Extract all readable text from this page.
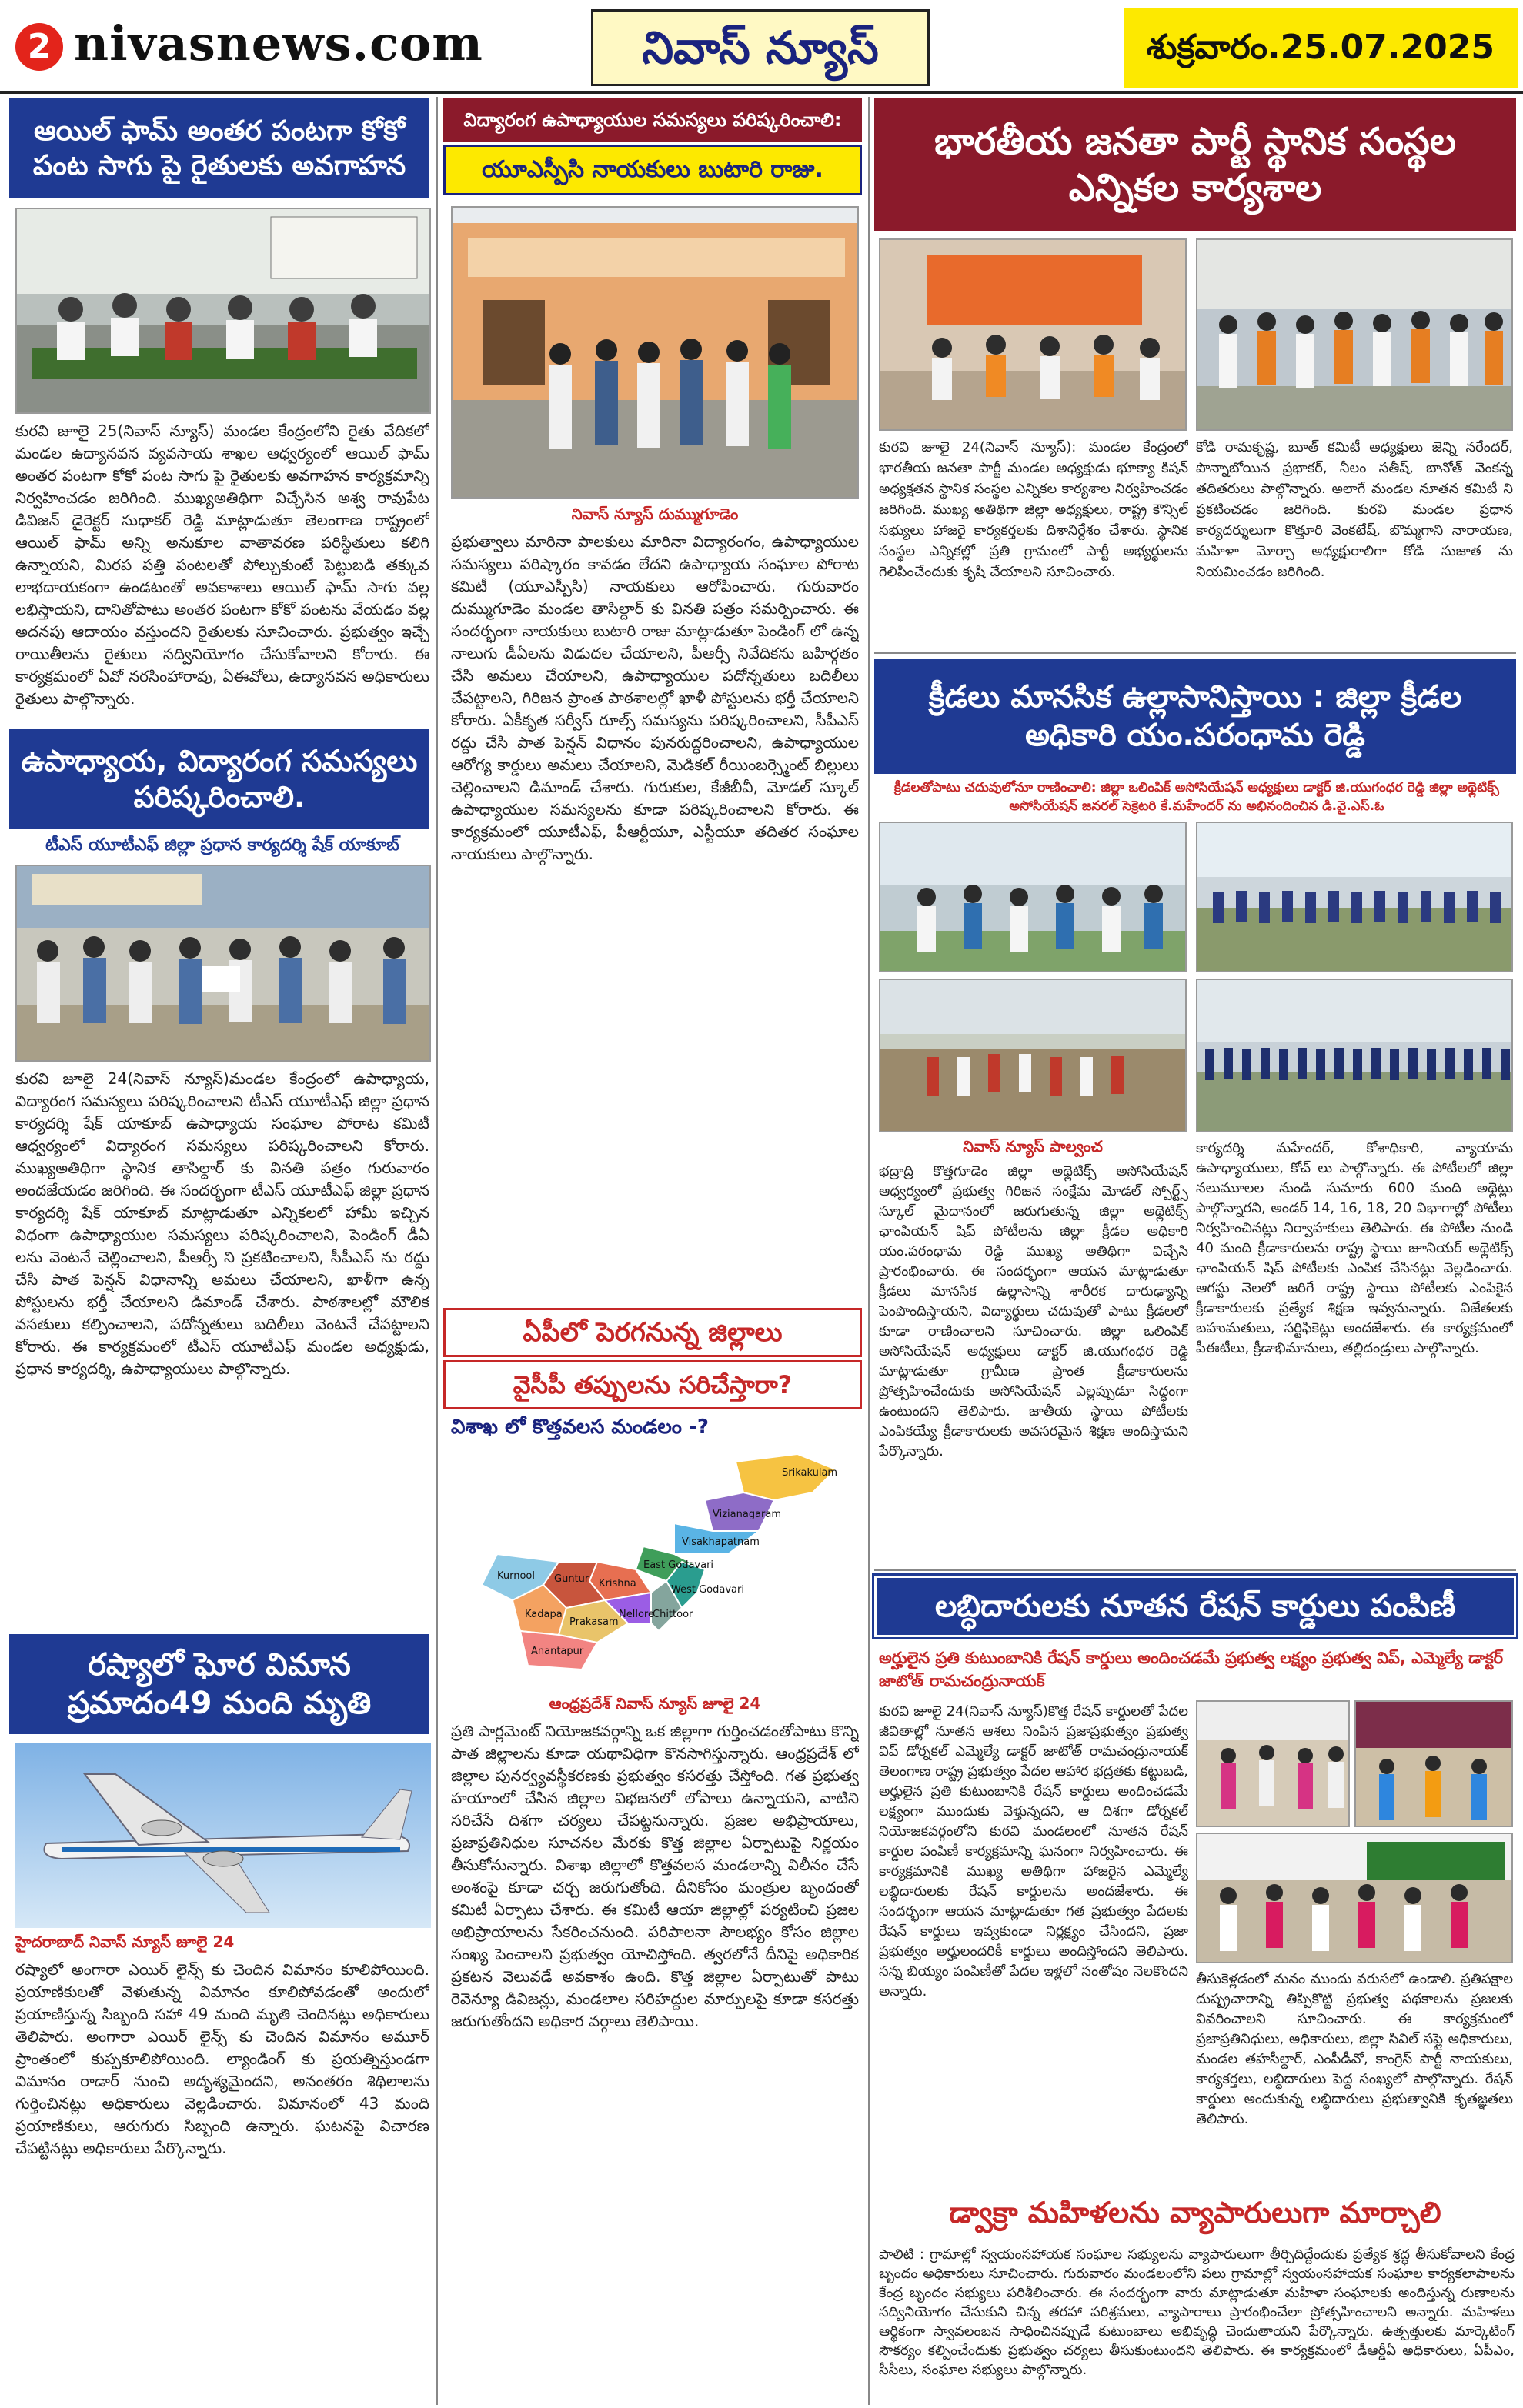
2 nivasnews.com	నివాస్ న్యూస్	శుక్రవారం.25.07.2025
ఆయిల్ ఫామ్ అంతర పంటగా కోకో పంట సాగు పై రైతులకు అవగాహన
కురవి జూలై 25(నివాస్ న్యూస్) మండల కేంద్రంలోని రైతు వేదికలో మండల ఉద్యానవన వ్యవసాయ శాఖల ఆధ్వర్యంలో ఆయిల్ ఫామ్ అంతర పంటగా కోకో పంట సాగు పై రైతులకు అవగాహన కార్యక్రమాన్ని నిర్వహించడం జరిగింది. ముఖ్యఅతిథిగా విచ్చేసిన అశ్వ రావుపేట డివిజన్ డైరెక్టర్ సుధాకర్ రెడ్డి మాట్లాడుతూ తెలంగాణ రాష్ట్రంలో ఆయిల్ ఫామ్ అన్ని అనుకూల వాతావరణ పరిస్థితులు కలిగి ఉన్నాయని, మిరప పత్తి పంటలతో పోల్చుకుంటే పెట్టుబడి తక్కువ లాభదాయకంగా ఉండటంతో అవకాశాలు ఆయిల్ ఫామ్ సాగు వల్ల లభిస్తాయని, దానితోపాటు అంతర పంటగా కోకో పంటను వేయడం వల్ల అదనపు ఆదాయం వస్తుందని రైతులకు సూచించారు. ప్రభుత్వం ఇచ్చే రాయితీలను రైతులు సద్వినియోగం చేసుకోవాలని కోరారు. ఈ కార్యక్రమంలో ఏవో నరసింహారావు, ఏఈవోలు, ఉద్యానవన అధికారులు రైతులు పాల్గొన్నారు.
ఉపాధ్యాయ, విద్యారంగ సమస్యలు పరిష్కరించాలి.
టీఎస్ యూటీఎఫ్ జిల్లా ప్రధాన కార్యదర్శి షేక్ యాకూబ్
కురవి జూలై 24(నివాస్ న్యూస్)మండల కేంద్రంలో ఉపాధ్యాయ, విద్యారంగ సమస్యలు పరిష్కరించాలని టీఎస్ యూటీఎఫ్ జిల్లా ప్రధాన కార్యదర్శి షేక్ యాకూబ్ ఉపాధ్యాయ సంఘాల పోరాట కమిటీ ఆధ్వర్యంలో విద్యారంగ సమస్యలు పరిష్కరించాలని కోరారు. ముఖ్యఅతిథిగా స్థానిక తాసిల్దార్ కు వినతి పత్రం గురువారం అందజేయడం జరిగింది. ఈ సందర్భంగా టీఎస్ యూటీఎఫ్ జిల్లా ప్రధాన కార్యదర్శి షేక్ యాకూబ్ మాట్లాడుతూ ఎన్నికలలో హామీ ఇచ్చిన విధంగా ఉపాధ్యాయుల సమస్యలు పరిష్కరించాలని, పెండింగ్ డీఏ లను వెంటనే చెల్లించాలని, పీఆర్సీ ని ప్రకటించాలని, సీపీఎస్ ను రద్దు చేసి పాత పెన్షన్ విధానాన్ని అమలు చేయాలని, ఖాళీగా ఉన్న పోస్టులను భర్తీ చేయాలని డిమాండ్ చేశారు. పాఠశాలల్లో మౌలిక వసతులు కల్పించాలని, పదోన్నతులు బదిలీలు వెంటనే చేపట్టాలని కోరారు. ఈ కార్యక్రమంలో టీఎస్ యూటీఎఫ్ మండల అధ్యక్షుడు, ప్రధాన కార్యదర్శి, ఉపాధ్యాయులు పాల్గొన్నారు.
రష్యాలో ఘోర విమాన ప్రమాదం49 మంది మృతి
హైదరాబాద్ నివాస్ న్యూస్ జూలై 24
రష్యాలో అంగారా ఎయిర్ లైన్స్ కు చెందిన విమానం కూలిపోయింది. ప్రయాణికులతో వెళుతున్న విమానం కూలిపోవడంతో అందులో ప్రయాణిస్తున్న సిబ్బంది సహా 49 మంది మృతి చెందినట్లు అధికారులు తెలిపారు. అంగారా ఎయిర్ లైన్స్ కు చెందిన విమానం అమూర్ ప్రాంతంలో కుప్పకూలిపోయింది. ల్యాండింగ్ కు ప్రయత్నిస్తుండగా విమానం రాడార్ నుంచి అదృశ్యమైందని, అనంతరం శిథిలాలను గుర్తించినట్లు అధికారులు వెల్లడించారు. విమానంలో 43 మంది ప్రయాణికులు, ఆరుగురు సిబ్బంది ఉన్నారు. ఘటనపై విచారణ చేపట్టినట్లు అధికారులు పేర్కొన్నారు.
విద్యారంగ ఉపాధ్యాయుల సమస్యలు పరిష్కరించాలి:
యూఎస్పీసి నాయకులు బుటారి రాజు.
నివాస్ న్యూస్ దుమ్ముగూడెం
ప్రభుత్వాలు మారినా పాలకులు మారినా విద్యారంగం, ఉపాధ్యాయుల సమస్యలు పరిష్కారం కావడం లేదని ఉపాధ్యాయ సంఘాల పోరాట కమిటీ (యూఎస్పీసి) నాయకులు ఆరోపించారు. గురువారం దుమ్ముగూడెం మండల తాసిల్దార్ కు వినతి పత్రం సమర్పించారు. ఈ సందర్భంగా నాయకులు బుటారి రాజు మాట్లాడుతూ పెండింగ్ లో ఉన్న నాలుగు డీఏలను విడుదల చేయాలని, పీఆర్సీ నివేదికను బహిర్గతం చేసి అమలు చేయాలని, ఉపాధ్యాయుల పదోన్నతులు బదిలీలు చేపట్టాలని, గిరిజన ప్రాంత పాఠశాలల్లో ఖాళీ పోస్టులను భర్తీ చేయాలని కోరారు. ఏకీకృత సర్వీస్ రూల్స్ సమస్యను పరిష్కరించాలని, సీపీఎస్ రద్దు చేసి పాత పెన్షన్ విధానం పునరుద్ధరించాలని, ఉపాధ్యాయుల ఆరోగ్య కార్డులు అమలు చేయాలని, మెడికల్ రీయింబర్స్మెంట్ బిల్లులు చెల్లించాలని డిమాండ్ చేశారు. గురుకుల, కేజీబీవీ, మోడల్ స్కూల్ ఉపాధ్యాయుల సమస్యలను కూడా పరిష్కరించాలని కోరారు. ఈ కార్యక్రమంలో యూటీఎఫ్, పీఆర్టీయూ, ఎస్టీయూ తదితర సంఘాల నాయకులు పాల్గొన్నారు.
ఏపీలో పెరగనున్న జిల్లాలు
వైసీపీ తప్పులను సరిచేస్తారా?
విశాఖ లో కొత్తవలస మండలం -?
Srikakulam
Vizianagaram
Visakhapatnam
East Godavari
West Godavari
Krishna
Guntur
Prakasam
Nellore
Kurnool
Kadapa
Anantapur
Chittoor
ఆంధ్రప్రదేశ్ నివాస్ న్యూస్ జూలై 24
ప్రతి పార్లమెంట్ నియోజకవర్గాన్ని ఒక జిల్లాగా గుర్తించడంతోపాటు కొన్ని పాత జిల్లాలను కూడా యథావిధిగా కొనసాగిస్తున్నారు. ఆంధ్రప్రదేశ్ లో జిల్లాల పునర్వ్యవస్థీకరణకు ప్రభుత్వం కసరత్తు చేస్తోంది. గత ప్రభుత్వ హయాంలో చేసిన జిల్లాల విభజనలో లోపాలు ఉన్నాయని, వాటిని సరిచేసే దిశగా చర్యలు చేపట్టనున్నారు. ప్రజల అభిప్రాయాలు, ప్రజాప్రతినిధుల సూచనల మేరకు కొత్త జిల్లాల ఏర్పాటుపై నిర్ణయం తీసుకోనున్నారు. విశాఖ జిల్లాలో కొత్తవలస మండలాన్ని విలీనం చేసే అంశంపై కూడా చర్చ జరుగుతోంది. దీనికోసం మంత్రుల బృందంతో కమిటీ ఏర్పాటు చేశారు. ఈ కమిటీ ఆయా జిల్లాల్లో పర్యటించి ప్రజల అభిప్రాయాలను సేకరించనుంది. పరిపాలనా సౌలభ్యం కోసం జిల్లాల సంఖ్య పెంచాలని ప్రభుత్వం యోచిస్తోంది. త్వరలోనే దీనిపై అధికారిక ప్రకటన వెలువడే అవకాశం ఉంది. కొత్త జిల్లాల ఏర్పాటుతో పాటు రెవెన్యూ డివిజన్లు, మండలాల సరిహద్దుల మార్పులపై కూడా కసరత్తు జరుగుతోందని అధికార వర్గాలు తెలిపాయి.
భారతీయ జనతా పార్టీ స్థానిక సంస్థల ఎన్నికల కార్యశాల
కురవి జూలై 24(నివాస్ న్యూస్): మండల కేంద్రంలో భారతీయ జనతా పార్టీ మండల అధ్యక్షుడు భూక్యా కిషన్ అధ్యక్షతన స్థానిక సంస్థల ఎన్నికల కార్యశాల నిర్వహించడం జరిగింది. ముఖ్య అతిథిగా జిల్లా అధ్యక్షులు, రాష్ట్ర కౌన్సిల్ సభ్యులు హాజరై కార్యకర్తలకు దిశానిర్దేశం చేశారు. స్థానిక సంస్థల ఎన్నికల్లో ప్రతి గ్రామంలో పార్టీ అభ్యర్థులను గెలిపించేందుకు కృషి చేయాలని సూచించారు.
కోడి రామకృష్ణ, బూత్ కమిటీ అధ్యక్షులు జెన్ని నరేందర్, పొన్నాబోయిన ప్రభాకర్, నీలం సతీష్, బానోత్ వెంకన్న తదితరులు పాల్గొన్నారు. అలాగే మండల నూతన కమిటీ ని ప్రకటించడం జరిగింది. కురవి మండల ప్రధాన కార్యదర్శులుగా కొత్తూరి వెంకటేష్, బొమ్మగాని నారాయణ, మహిళా మోర్చా అధ్యక్షురాలిగా కోడి సుజాత ను నియమించడం జరిగింది.
క్రీడలు మానసిక ఉల్లాసానిస్తాయి : జిల్లా క్రీడల అధికారి యం.పరంధామ రెడ్డి
క్రీడలతోపాటు చదువులోనూ రాణించాలి: జిల్లా ఒలింపిక్ అసోసియేషన్ అధ్యక్షులు డాక్టర్ జి.యుగంధర రెడ్డి జిల్లా అథ్లెటిక్స్ అసోసియేషన్ జనరల్ సెక్రెటరి కే.మహేందర్ ను అభినందించిన డి.వై.ఎస్.ఓ
నివాస్ న్యూస్ పాల్వంచ
భద్రాద్రి కొత్తగూడెం జిల్లా అథ్లెటిక్స్ అసోసియేషన్ ఆధ్వర్యంలో ప్రభుత్వ గిరిజన సంక్షేమ మోడల్ స్పోర్ట్స్ స్కూల్ మైదానంలో జరుగుతున్న జిల్లా అథ్లెటిక్స్ ఛాంపియన్ షిప్ పోటీలను జిల్లా క్రీడల అధికారి యం.పరంధామ రెడ్డి ముఖ్య అతిథిగా విచ్చేసి ప్రారంభించారు. ఈ సందర్భంగా ఆయన మాట్లాడుతూ క్రీడలు మానసిక ఉల్లాసాన్ని శారీరక దారుఢ్యాన్ని పెంపొందిస్తాయని, విద్యార్థులు చదువుతో పాటు క్రీడలలో కూడా రాణించాలని సూచించారు. జిల్లా ఒలింపిక్ అసోసియేషన్ అధ్యక్షులు డాక్టర్ జి.యుగంధర రెడ్డి మాట్లాడుతూ గ్రామీణ ప్రాంత క్రీడాకారులను ప్రోత్సహించేందుకు అసోసియేషన్ ఎల్లప్పుడూ సిద్ధంగా ఉంటుందని తెలిపారు. జాతీయ స్థాయి పోటీలకు ఎంపికయ్యే క్రీడాకారులకు అవసరమైన శిక్షణ అందిస్తామని పేర్కొన్నారు.
కార్యదర్శి మహేందర్, కోశాధికారి, వ్యాయామ ఉపాధ్యాయులు, కోచ్ లు పాల్గొన్నారు. ఈ పోటీలలో జిల్లా నలుమూలల నుండి సుమారు 600 మంది అథ్లెట్లు పాల్గొన్నారని, అండర్ 14, 16, 18, 20 విభాగాల్లో పోటీలు నిర్వహించినట్లు నిర్వాహకులు తెలిపారు. ఈ పోటీల నుండి 40 మంది క్రీడాకారులను రాష్ట్ర స్థాయి జూనియర్ అథ్లెటిక్స్ ఛాంపియన్ షిప్ పోటీలకు ఎంపిక చేసినట్లు వెల్లడించారు. ఆగస్టు నెలలో జరిగే రాష్ట్ర స్థాయి పోటీలకు ఎంపికైన క్రీడాకారులకు ప్రత్యేక శిక్షణ ఇవ్వనున్నారు. విజేతలకు బహుమతులు, సర్టిఫికెట్లు అందజేశారు. ఈ కార్యక్రమంలో పీఈటీలు, క్రీడాభిమానులు, తల్లిదండ్రులు పాల్గొన్నారు.
లబ్ధిదారులకు నూతన రేషన్ కార్డులు పంపిణీ
అర్హులైన ప్రతి కుటుంబానికి రేషన్ కార్డులు అందించడమే ప్రభుత్వ లక్ష్యం ప్రభుత్వ విప్, ఎమ్మెల్యే డాక్టర్ జాటోత్ రామచంద్రునాయక్
కురవి జూలై 24(నివాస్ న్యూస్)కొత్త రేషన్ కార్డులతో పేదల జీవితాల్లో నూతన ఆశలు నింపిన ప్రజాప్రభుత్వం ప్రభుత్వ విప్ డోర్నకల్ ఎమ్మెల్యే డాక్టర్ జాటోత్ రామచంద్రునాయక్ తెలంగాణ రాష్ట్ర ప్రభుత్వం పేదల ఆహార భద్రతకు కట్టుబడి, అర్హులైన ప్రతి కుటుంబానికి రేషన్ కార్డులు అందించడమే లక్ష్యంగా ముందుకు వెళ్తున్నదని, ఆ దిశగా డోర్నకల్ నియోజకవర్గంలోని కురవి మండలంలో నూతన రేషన్ కార్డుల పంపిణీ కార్యక్రమాన్ని ఘనంగా నిర్వహించారు. ఈ కార్యక్రమానికి ముఖ్య అతిథిగా హాజరైన ఎమ్మెల్యే లబ్ధిదారులకు రేషన్ కార్డులను అందజేశారు. ఈ సందర్భంగా ఆయన మాట్లాడుతూ గత ప్రభుత్వం పేదలకు రేషన్ కార్డులు ఇవ్వకుండా నిర్లక్ష్యం చేసిందని, ప్రజా ప్రభుత్వం అర్హులందరికీ కార్డులు అందిస్తోందని తెలిపారు. సన్న బియ్యం పంపిణీతో పేదల ఇళ్లలో సంతోషం నెలకొందని అన్నారు.
తీసుకెళ్లడంలో మనం ముందు వరుసలో ఉండాలి. ప్రతిపక్షాల దుష్ప్రచారాన్ని తిప్పికొట్టి ప్రభుత్వ పథకాలను ప్రజలకు వివరించాలని సూచించారు. ఈ కార్యక్రమంలో ప్రజాప్రతినిధులు, అధికారులు, జిల్లా సివిల్ సప్లై అధికారులు, మండల తహసీల్దార్, ఎంపీడీవో, కాంగ్రెస్ పార్టీ నాయకులు, కార్యకర్తలు, లబ్ధిదారులు పెద్ద సంఖ్యలో పాల్గొన్నారు. రేషన్ కార్డులు అందుకున్న లబ్ధిదారులు ప్రభుత్వానికి కృతజ్ఞతలు తెలిపారు.
డ్వాక్రా మహిళలను వ్యాపారులుగా మార్చాలి
పాలిటి : గ్రామాల్లో స్వయంసహాయక సంఘాల సభ్యులను వ్యాపారులుగా తీర్చిదిద్దేందుకు ప్రత్యేక శ్రద్ధ తీసుకోవాలని కేంద్ర బృందం అధికారులు సూచించారు. గురువారం మండలంలోని పలు గ్రామాల్లో స్వయంసహాయక సంఘాల కార్యకలాపాలను కేంద్ర బృందం సభ్యులు పరిశీలించారు. ఈ సందర్భంగా వారు మాట్లాడుతూ మహిళా సంఘాలకు అందిస్తున్న రుణాలను సద్వినియోగం చేసుకుని చిన్న తరహా పరిశ్రమలు, వ్యాపారాలు ప్రారంభించేలా ప్రోత్సహించాలని అన్నారు. మహిళలు ఆర్థికంగా స్వావలంబన సాధించినప్పుడే కుటుంబాలు అభివృద్ధి చెందుతాయని పేర్కొన్నారు. ఉత్పత్తులకు మార్కెటింగ్ సౌకర్యం కల్పించేందుకు ప్రభుత్వం చర్యలు తీసుకుంటుందని తెలిపారు. ఈ కార్యక్రమంలో డీఆర్డీఏ అధికారులు, ఏపీఎం, సీసీలు, సంఘాల సభ్యులు పాల్గొన్నారు.
